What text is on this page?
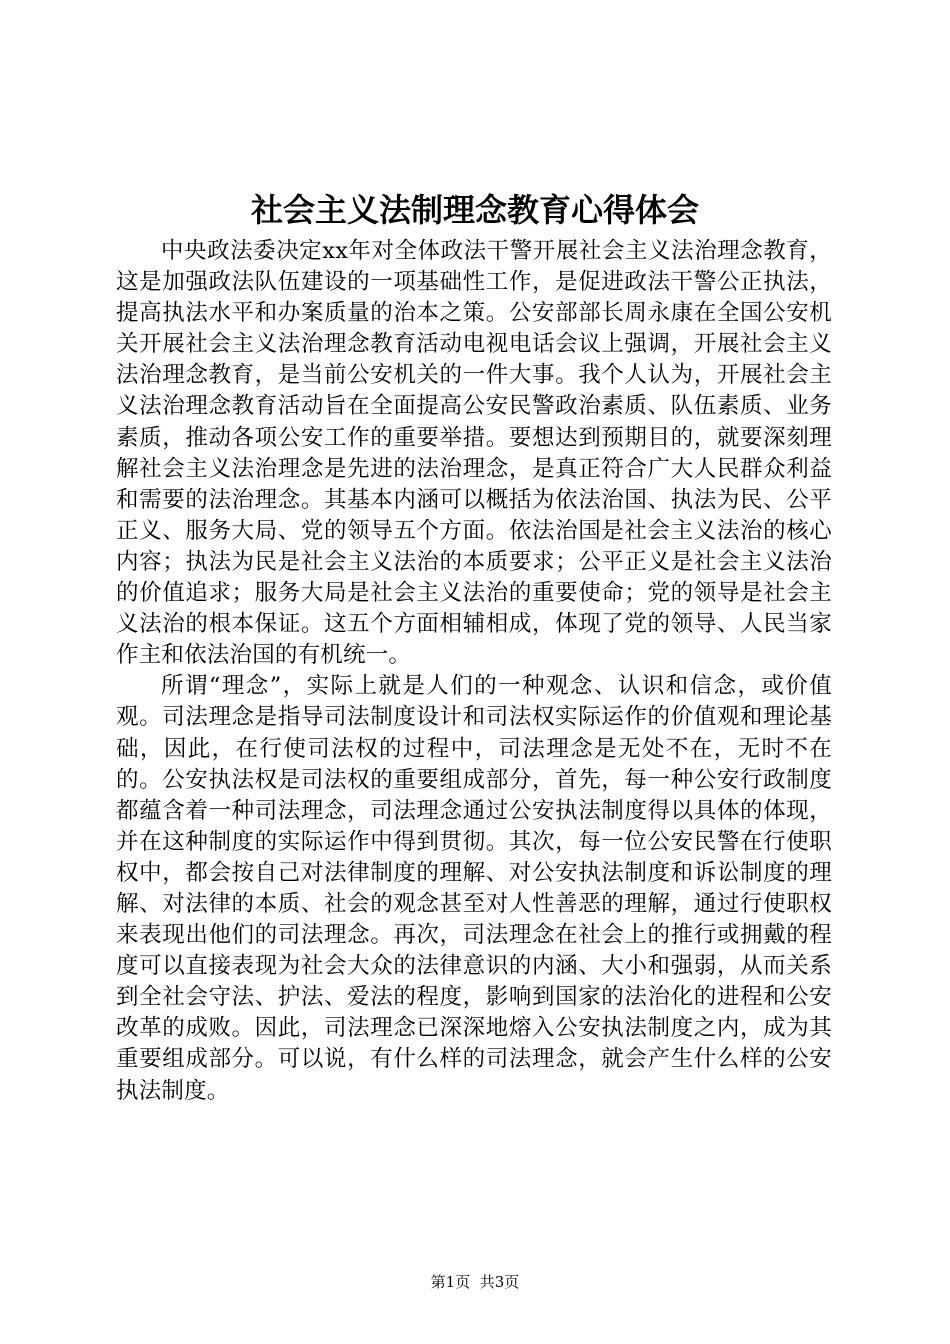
社会主义法制理念教育心得体会

中央政法委决定xx年对全体政法干警开展社会主义法治理念教育，这是加强政法队伍建设的一项基础性工作，是促进政法干警公正执法，提高执法水平和办案质量的治本之策。公安部部长周永康在全国公安机关开展社会主义法治理念教育活动电视电话会议上强调，开展社会主义法治理念教育，是当前公安机关的一件大事。我个人认为，开展社会主义法治理念教育活动旨在全面提高公安民警政治素质、队伍素质、业务素质，推动各项公安工作的重要举措。要想达到预期目的，就要深刻理解社会主义法治理念是先进的法治理念，是真正符合广大人民群众利益和需要的法治理念。其基本内涵可以概括为依法治国、执法为民、公平正义、服务大局、党的领导五个方面。依法治国是社会主义法治的核心内容；执法为民是社会主义法治的本质要求；公平正义是社会主义法治的价值追求；服务大局是社会主义法治的重要使命；党的领导是社会主义法治的根本保证。这五个方面相辅相成，体现了党的领导、人民当家作主和依法治国的有机统一。

所谓“理念”，实际上就是人们的一种观念、认识和信念，或价值观。司法理念是指导司法制度设计和司法权实际运作的价值观和理论基础，因此，在行使司法权的过程中，司法理念是无处不在，无时不在的。公安执法权是司法权的重要组成部分，首先，每一种公安行政制度都蕴含着一种司法理念，司法理念通过公安执法制度得以具体的体现，并在这种制度的实际运作中得到贯彻。其次，每一位公安民警在行使职权中，都会按自己对法律制度的理解、对公安执法制度和诉讼制度的理解、对法律的本质、社会的观念甚至对人性善恶的理解，通过行使职权来表现出他们的司法理念。再次，司法理念在社会上的推行或拥戴的程度可以直接表现为社会大众的法律意识的内涵、大小和强弱，从而关系到全社会守法、护法、爱法的程度，影响到国家的法治化的进程和公安改革的成败。因此，司法理念已深深地熔入公安执法制度之内，成为其重要组成部分。可以说，有什么样的司法理念，就会产生什么样的公安执法制度。

第1页 共3页
